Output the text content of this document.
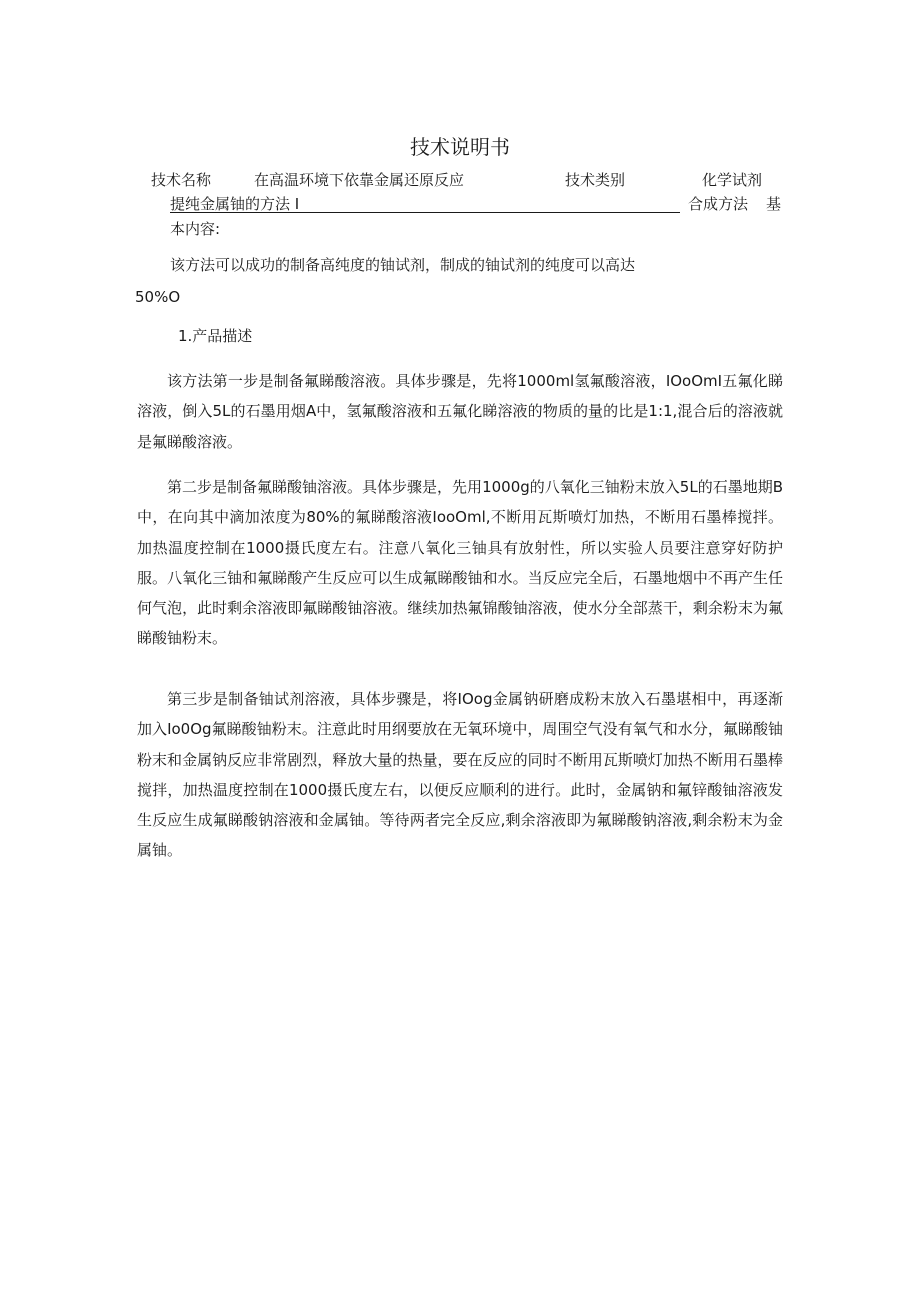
技术说明书
技术名称	在高温环境下依靠金属还原反应	技术类别	化学试剂
提纯金属铀的方法 I	合成方法 基
本内容:
该方法可以成功的制备高纯度的铀试剂，制成的铀试剂的纯度可以高达
50%O
1.产品描述

该方法第一步是制备氟睇酸溶液。具体步骤是，先将1000ml氢氟酸溶液，IOoOmI五氟化睇溶液，倒入5L的石墨用烟A中，氢氟酸溶液和五氟化睇溶液的物质的量的比是1:1,混合后的溶液就是氟睇酸溶液。

第二步是制备氟睇酸铀溶液。具体步骤是，先用1000g的八氧化三铀粉末放入5L的石墨地期B中，在向其中滴加浓度为80%的氟睇酸溶液IooOml,不断用瓦斯喷灯加热，不断用石墨棒搅拌。加热温度控制在1000摄氏度左右。注意八氧化三铀具有放射性，所以实验人员要注意穿好防护服。八氧化三铀和氟睇酸产生反应可以生成氟睇酸铀和水。当反应完全后，石墨地烟中不再产生任何气泡，此时剩余溶液即氟睇酸铀溶液。继续加热氟锦酸铀溶液，使水分全部蒸干，剩余粉末为氟睇酸铀粉末。

第三步是制备铀试剂溶液，具体步骤是，将IOog金属钠研磨成粉末放入石墨堪相中，再逐渐加入Io0Og氟睇酸铀粉末。注意此时用纲要放在无氧环境中，周围空气没有氧气和水分，氟睇酸铀粉末和金属钠反应非常剧烈，释放大量的热量，要在反应的同时不断用瓦斯喷灯加热不断用石墨棒搅拌，加热温度控制在1000摄氏度左右，以便反应顺利的进行。此时，金属钠和氟锌酸铀溶液发生反应生成氟睇酸钠溶液和金属铀。等待两者完全反应,剩余溶液即为氟睇酸钠溶液,剩余粉末为金属铀。
